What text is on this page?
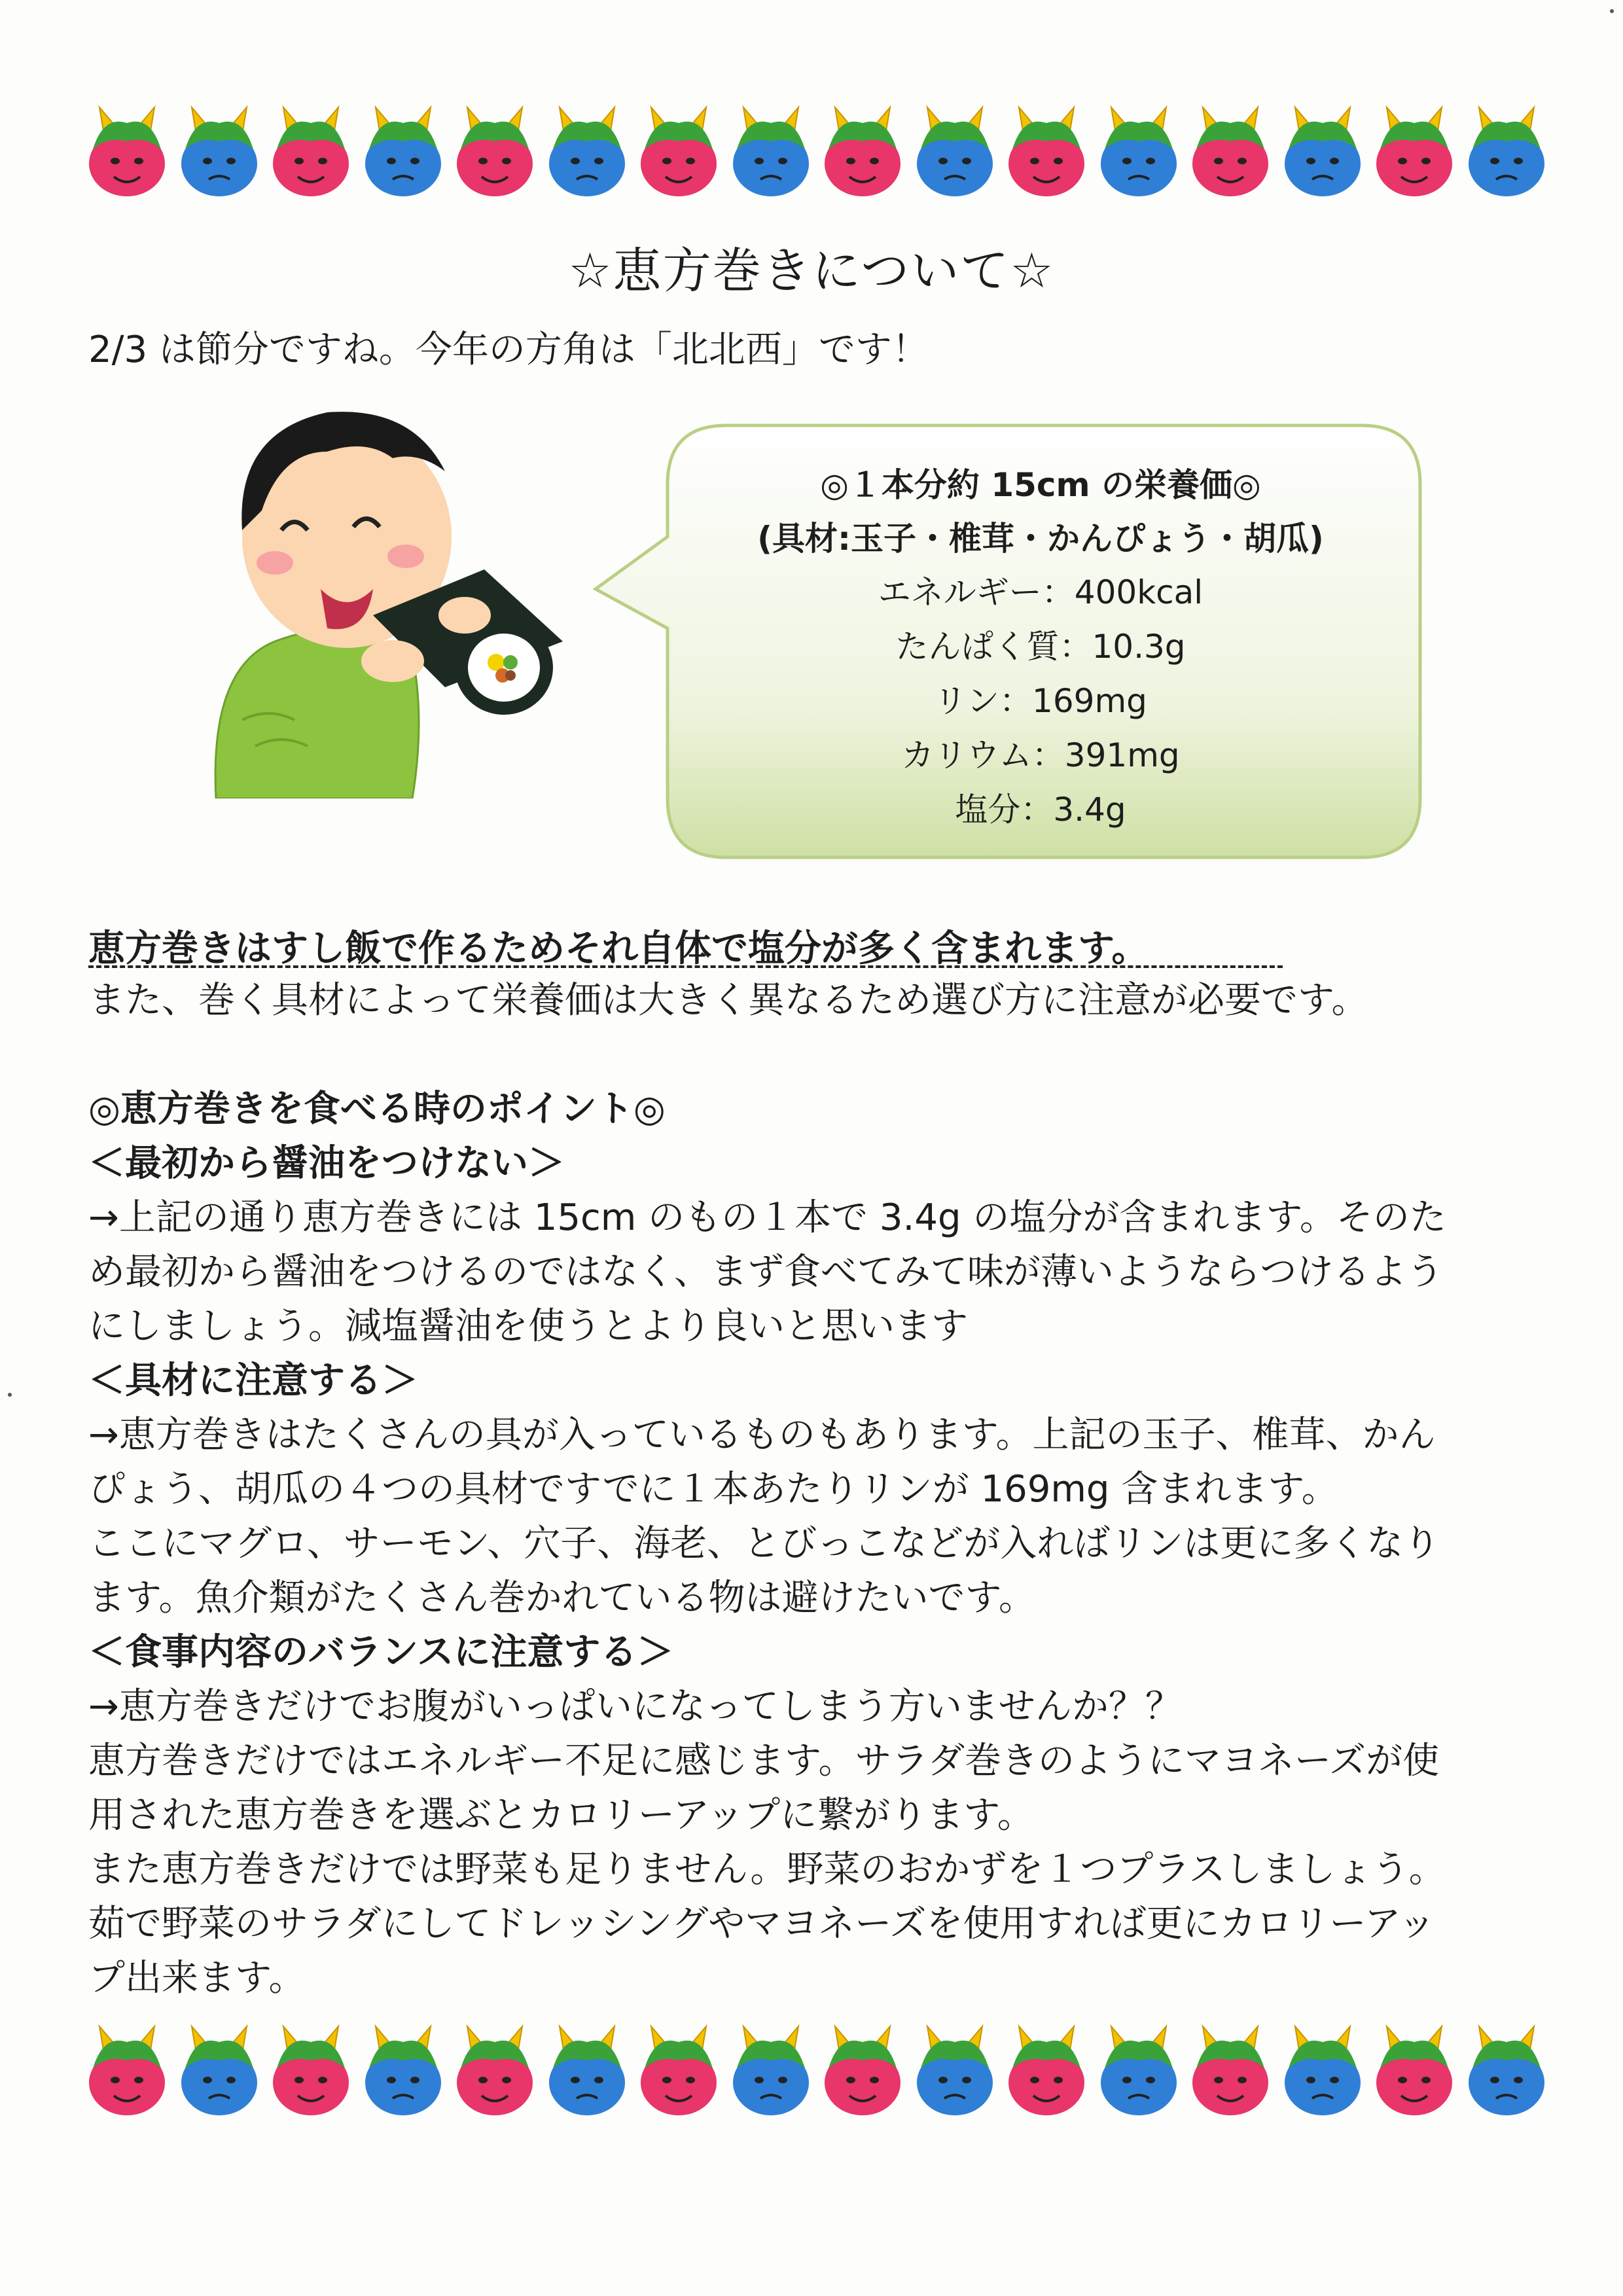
☆恵方巻きについて☆
2/3 は節分ですね。今年の方角は「北北西」です！
◎１本分約 15cm の栄養価◎
(具材:玉子・椎茸・かんぴょう・胡瓜)
エネルギー：400kcal
たんぱく質：10.3g
リン：169mg
カリウム：391mg
塩分：3.4g
恵方巻きはすし飯で作るためそれ自体で塩分が多く含まれます。
また、巻く具材によって栄養価は大きく異なるため選び方に注意が必要です。

◎恵方巻きを食べる時のポイント◎

＜最初から醤油をつけない＞

→上記の通り恵方巻きには 15cm のもの１本で 3.4g の塩分が含まれます。そのた

め最初から醤油をつけるのではなく、まず食べてみて味が薄いようならつけるよう

にしましょう。減塩醤油を使うとより良いと思います

＜具材に注意する＞

→恵方巻きはたくさんの具が入っているものもあります。上記の玉子、椎茸、かん

ぴょう、胡瓜の４つの具材ですでに１本あたりリンが 169mg 含まれます。

ここにマグロ、サーモン、穴子、海老、とびっこなどが入ればリンは更に多くなり

ます。魚介類がたくさん巻かれている物は避けたいです。

＜食事内容のバランスに注意する＞

→恵方巻きだけでお腹がいっぱいになってしまう方いませんか？？

恵方巻きだけではエネルギー不足に感じます。サラダ巻きのようにマヨネーズが使

用された恵方巻きを選ぶとカロリーアップに繋がります。

また恵方巻きだけでは野菜も足りません。野菜のおかずを１つプラスしましょう。

茹で野菜のサラダにしてドレッシングやマヨネーズを使用すれば更にカロリーアッ

プ出来ます。
